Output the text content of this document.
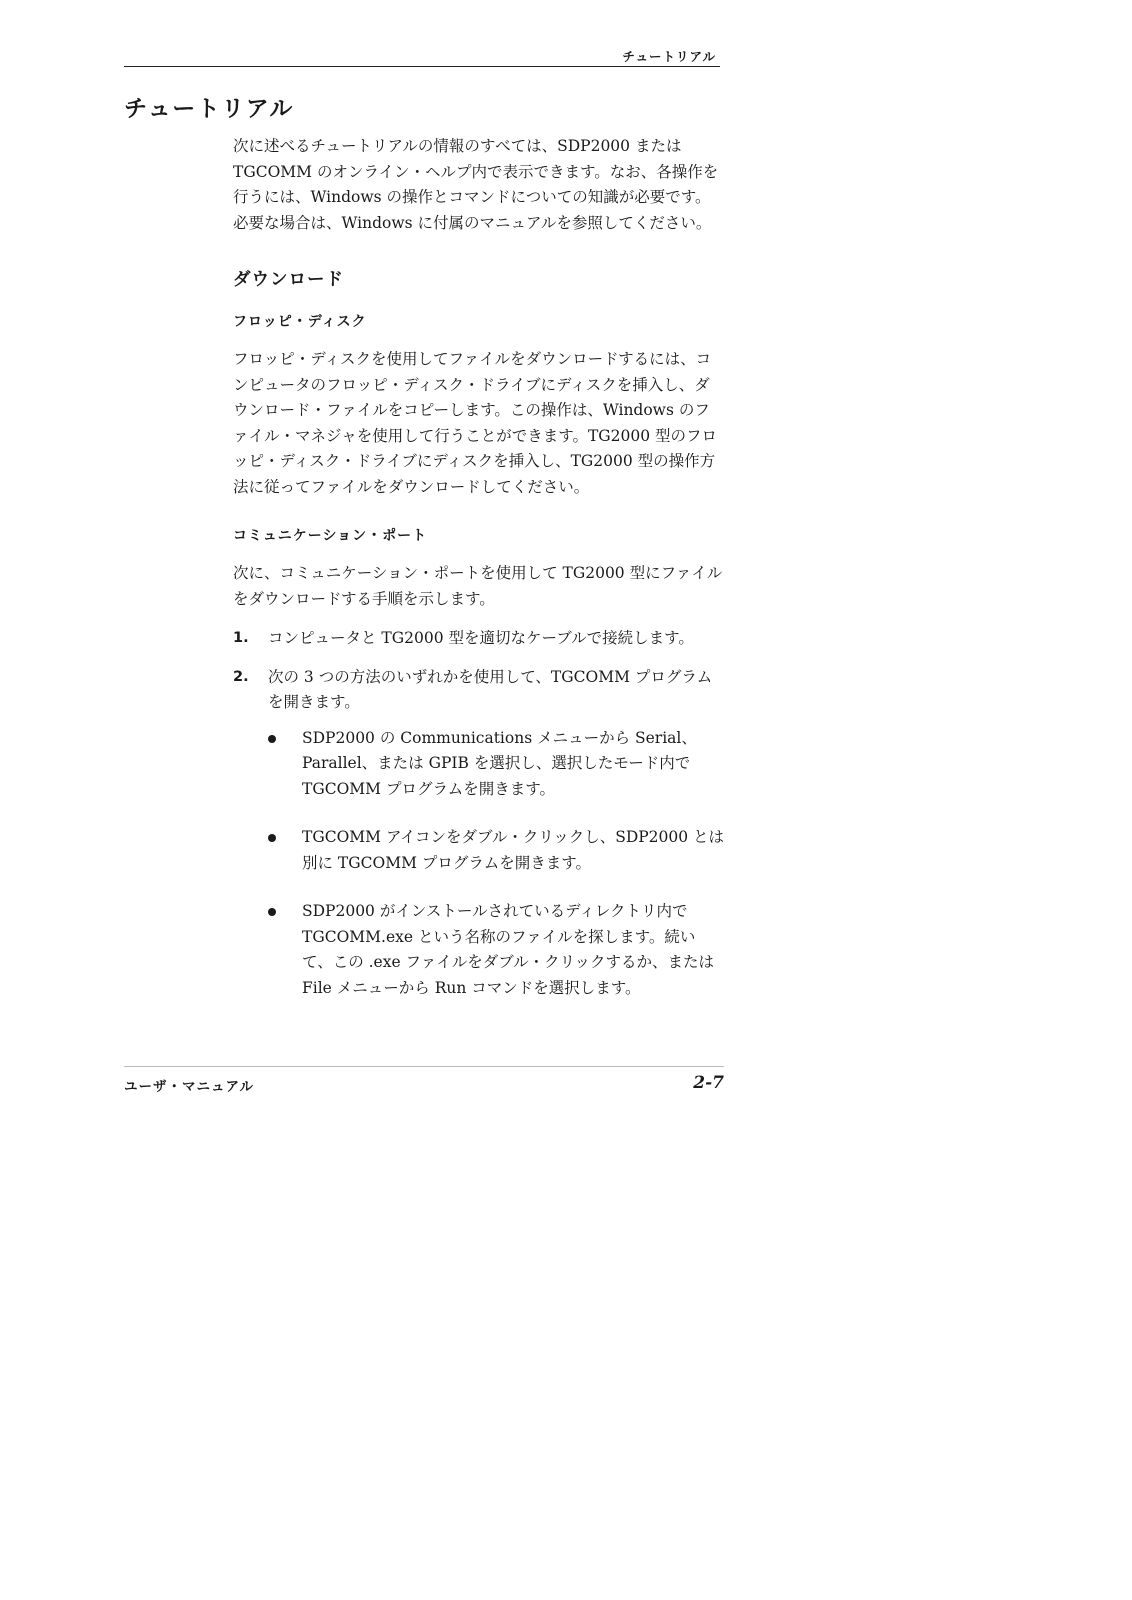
チュートリアル
チュートリアル

次に述べるチュートリアルの情報のすべては、SDP2000 または TGCOMM のオンライン・ヘルプ内で表示できます。なお、各操作を行うには、Windows の操作とコマンドについての知識が必要です。必要な場合は、Windows に付属のマニュアルを参照してください。

ダウンロード
フロッピ・ディスク

フロッピ・ディスクを使用してファイルをダウンロードするには、コンピュータのフロッピ・ディスク・ドライブにディスクを挿入し、ダウンロード・ファイルをコピーします。この操作は、Windows のファイル・マネジャを使用して行うことができます。TG2000 型のフロッピ・ディスク・ドライブにディスクを挿入し、TG2000 型の操作方法に従ってファイルをダウンロードしてください。

コミュニケーション・ポート

次に、コミュニケーション・ポートを使用して TG2000 型にファイルをダウンロードする手順を示します。

1. コンピュータと TG2000 型を適切なケーブルで接続します。

2. 次の 3 つの方法のいずれかを使用して、TGCOMM プログラムを開きます。

SDP2000 の Communications メニューから Serial、Parallel、または GPIB を選択し、選択したモード内で TGCOMM プログラムを開きます。

TGCOMM アイコンをダブル・クリックし、SDP2000 とは別に TGCOMM プログラムを開きます。

SDP2000 がインストールされているディレクトリ内で TGCOMM.exe という名称のファイルを探します。続いて、この .exe ファイルをダブル・クリックするか、または File メニューから Run コマンドを選択します。

ユーザ・マニュアル	2-7
